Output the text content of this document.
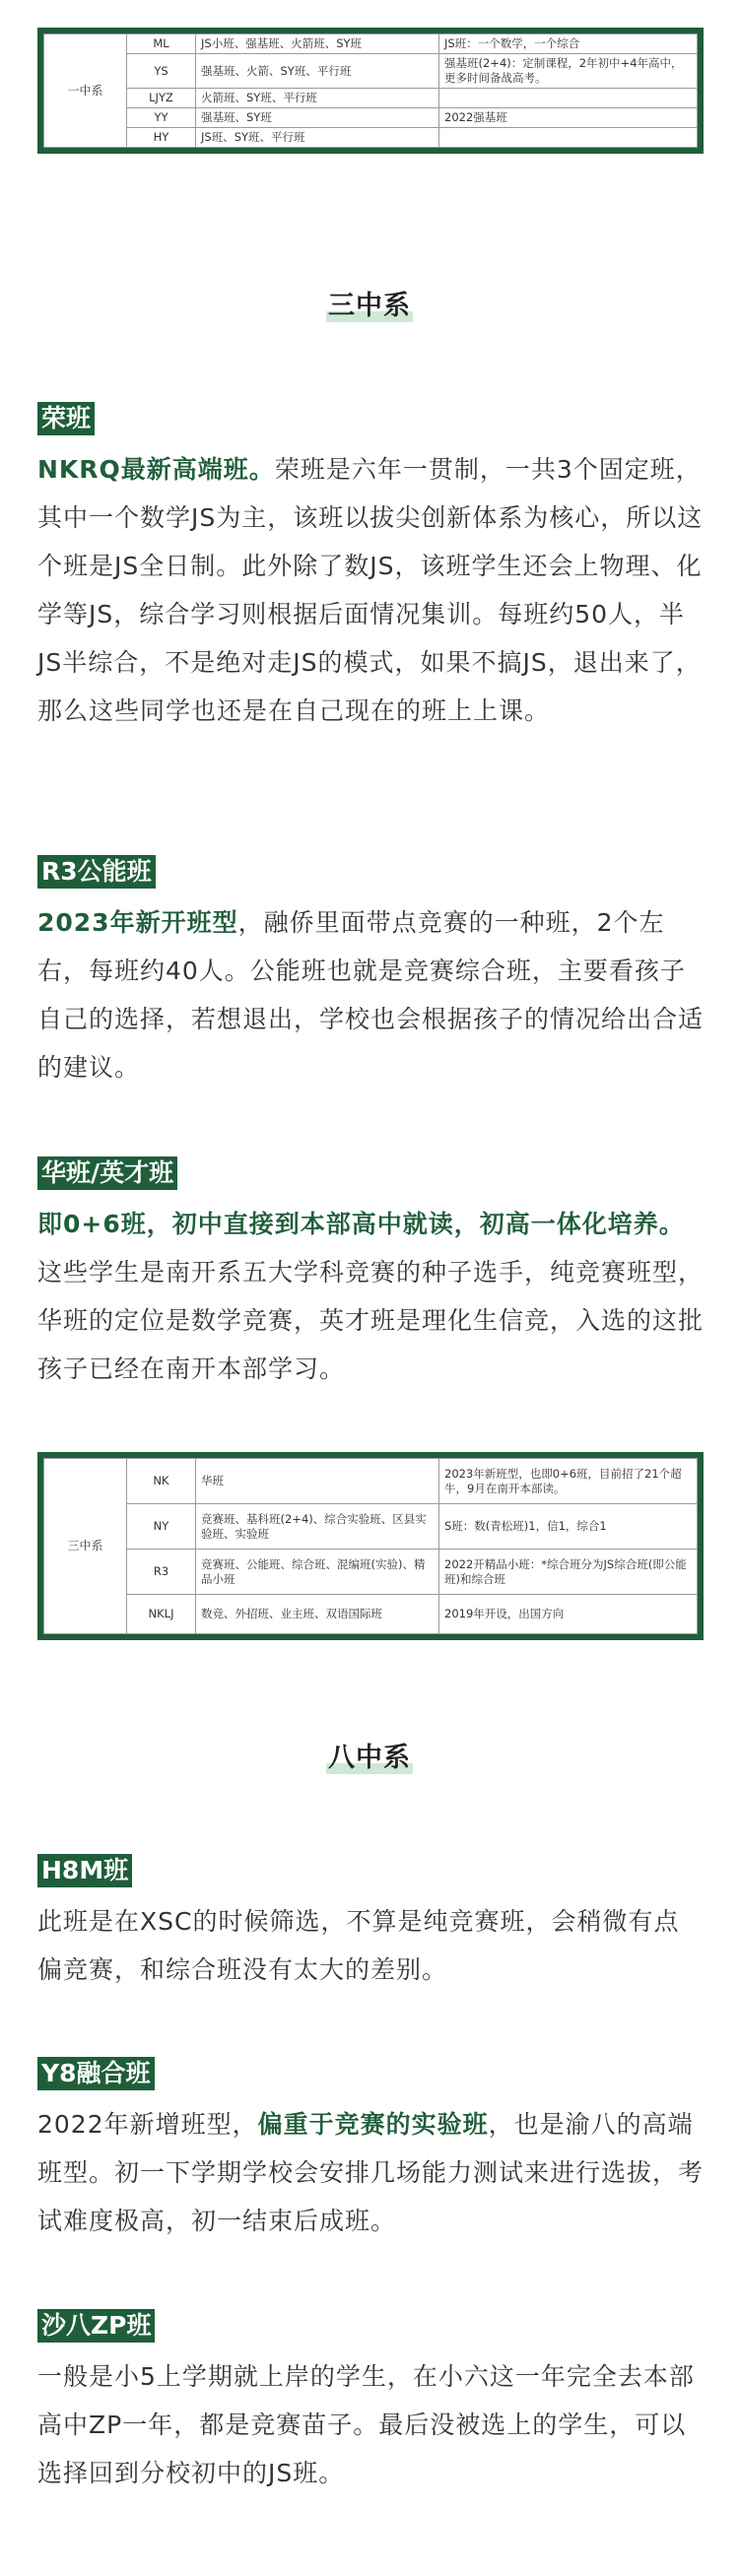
一中系	ML	JS小班、强基班、火箭班、SY班	JS班：一个数学，一个综合
	YS	强基班、火箭、SY班、平行班	强基班(2+4)：定制课程，2年初中+4年高中，更多时间备战高考。
	LJYZ	火箭班、SY班、平行班	
	YY	强基班、SY班	2022强基班
	HY	JS班、SY班、平行班	
三中系
荣班

NKRQ最新高端班。荣班是六年一贯制，一共3个固定班，其中一个数学JS为主，该班以拔尖创新体系为核心，所以这个班是JS全日制。此外除了数JS，该班学生还会上物理、化学等JS，综合学习则根据后面情况集训。每班约50人，半JS半综合，不是绝对走JS的模式，如果不搞JS，退出来了，那么这些同学也还是在自己现在的班上上课。

R3公能班

2023年新开班型，融侨里面带点竞赛的一种班，2个左右，每班约40人。公能班也就是竞赛综合班，主要看孩子自己的选择，若想退出，学校也会根据孩子的情况给出合适的建议。

华班/英才班

即0+6班，初中直接到本部高中就读，初高一体化培养。这些学生是南开系五大学科竞赛的种子选手，纯竞赛班型，华班的定位是数学竞赛，英才班是理化生信竞，入选的这批孩子已经在南开本部学习。

三中系	NK	华班	2023年新班型，也即0+6班，目前招了21个超牛，9月在南开本部读。
	NY	竞赛班、基科班(2+4)、综合实验班、区县实验班、实验班	S班：数(青松班)1，信1，综合1
	R3	竞赛班、公能班、综合班、混编班(实验)、精品小班	2022开精品小班：*综合班分为JS综合班(即公能班)和综合班
	NKLJ	数竞、外招班、业主班、双语国际班	2019年开设，出国方向
八中系
H8M班

此班是在XSC的时候筛选，不算是纯竞赛班，会稍微有点偏竞赛，和综合班没有太大的差别。

Y8融合班

2022年新增班型，偏重于竞赛的实验班，也是渝八的高端班型。初一下学期学校会安排几场能力测试来进行选拔，考试难度极高，初一结束后成班。

沙八ZP班

一般是小5上学期就上岸的学生，在小六这一年完全去本部高中ZP一年，都是竞赛苗子。最后没被选上的学生，可以选择回到分校初中的JS班。
